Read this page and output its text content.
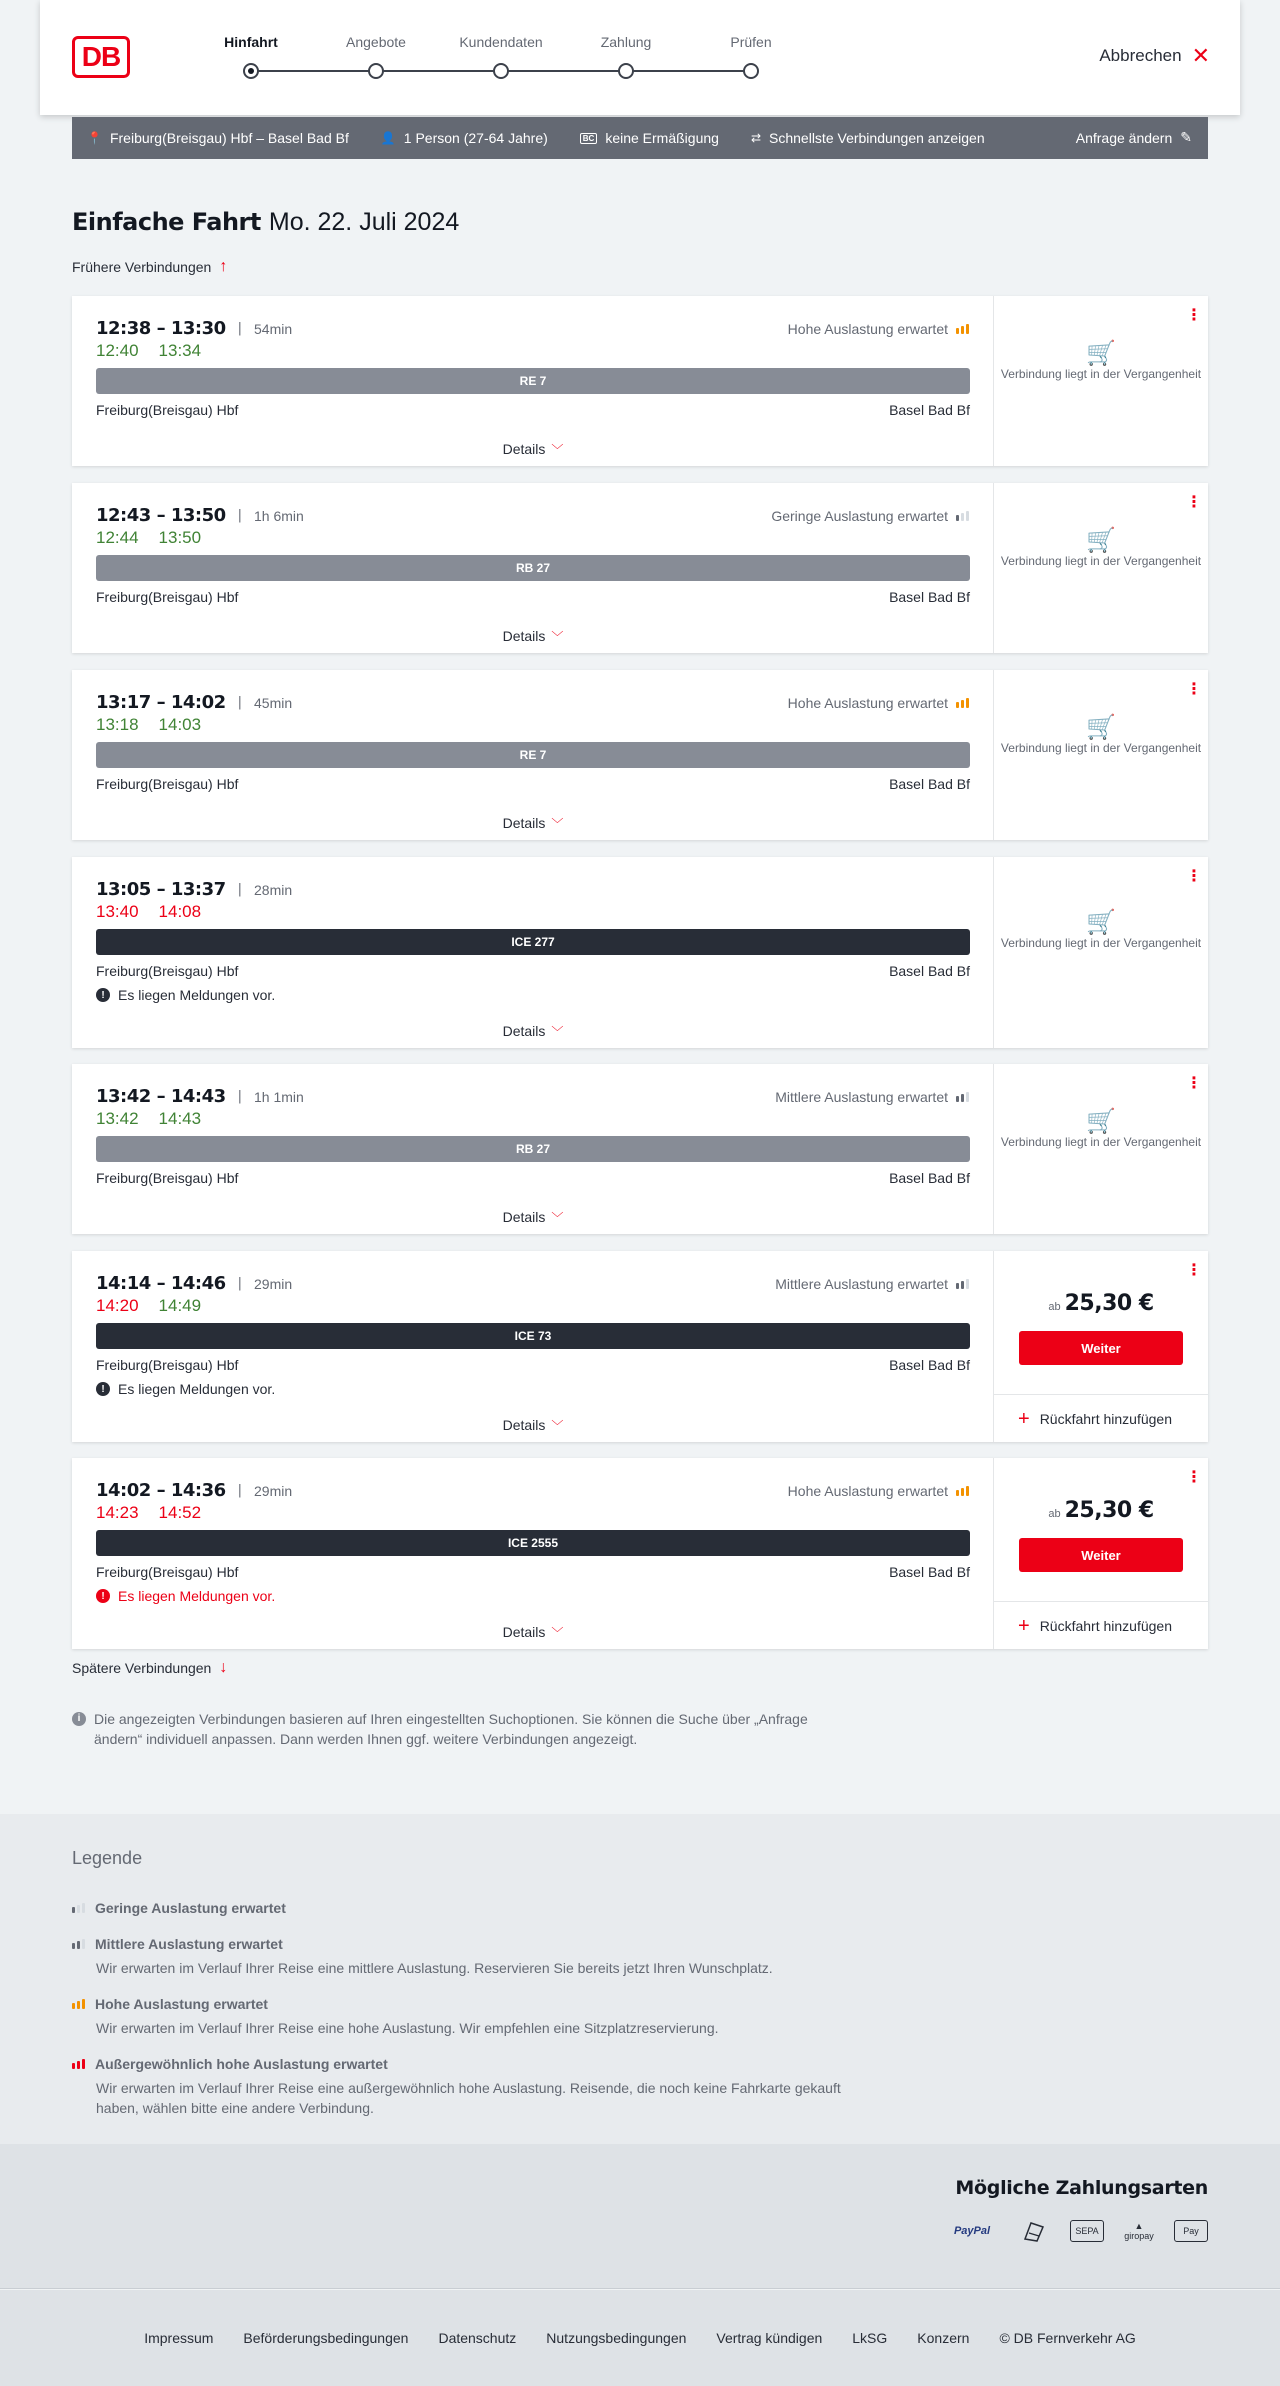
DB	Hinfahrt	Angebote	Kundendaten	Zahlung	Prüfen
Abbrechen ✕
📍 Freiburg(Breisgau) Hbf – Basel Bad Bf	👤 1 Person (27-64 Jahre)	BC keine Ermäßigung	⇄ Schnellste Verbindungen anzeigen	Anfrage ändern ✎
Einfache Fahrt Mo. 22. Juli 2024
Frühere Verbindungen ↑
12:38 – 13:30 | 54min
12:40 13:34
Hohe Auslastung erwartet
RE 7
Freiburg(Breisgau) Hbf	Basel Bad Bf
Details ﹀
⋮
🛒
Verbindung liegt in der Vergangenheit
12:43 – 13:50 | 1h 6min
12:44 13:50
Geringe Auslastung erwartet
RB 27
Freiburg(Breisgau) Hbf	Basel Bad Bf
Details ﹀
⋮
🛒
Verbindung liegt in der Vergangenheit
13:17 – 14:02 | 45min
13:18 14:03
Hohe Auslastung erwartet
RE 7
Freiburg(Breisgau) Hbf	Basel Bad Bf
Details ﹀
⋮
🛒
Verbindung liegt in der Vergangenheit
13:05 – 13:37 | 28min
13:40 14:08
ICE 277
Freiburg(Breisgau) Hbf	Basel Bad Bf
! Es liegen Meldungen vor.
Details ﹀
⋮
🛒
Verbindung liegt in der Vergangenheit
13:42 – 14:43 | 1h 1min
13:42 14:43
Mittlere Auslastung erwartet
RB 27
Freiburg(Breisgau) Hbf	Basel Bad Bf
Details ﹀
⋮
🛒
Verbindung liegt in der Vergangenheit
14:14 – 14:46 | 29min
14:20 14:49
Mittlere Auslastung erwartet
ICE 73
Freiburg(Breisgau) Hbf	Basel Bad Bf
! Es liegen Meldungen vor.
Details ﹀
⋮
ab 25,30 €
Weiter
+ Rückfahrt hinzufügen
14:02 – 14:36 | 29min
14:23 14:52
Hohe Auslastung erwartet
ICE 2555
Freiburg(Breisgau) Hbf	Basel Bad Bf
! Es liegen Meldungen vor.
Details ﹀
⋮
ab 25,30 €
Weiter
+ Rückfahrt hinzufügen
Spätere Verbindungen ↓
i Die angezeigten Verbindungen basieren auf Ihren eingestellten Suchoptionen. Sie können die Suche über „Anfrage ändern“ individuell anpassen. Dann werden Ihnen ggf. weitere Verbindungen angezeigt.
Legende
Geringe Auslastung erwartet
Mittlere Auslastung erwartet
Wir erwarten im Verlauf Ihrer Reise eine mittlere Auslastung. Reservieren Sie bereits jetzt Ihren Wunschplatz.
Hohe Auslastung erwartet
Wir erwarten im Verlauf Ihrer Reise eine hohe Auslastung. Wir empfehlen eine Sitzplatzreservierung.
Außergewöhnlich hohe Auslastung erwartet
Wir erwarten im Verlauf Ihrer Reise eine außergewöhnlich hohe Auslastung. Reisende, die noch keine Fahrkarte gekauft haben, wählen bitte eine andere Verbindung.
Mögliche Zahlungsarten
PayPal	SEPA	▲
giropay	Pay
Impressum Beförderungsbedingungen Datenschutz Nutzungsbedingungen Vertrag kündigen LkSG Konzern © DB Fernverkehr AG
